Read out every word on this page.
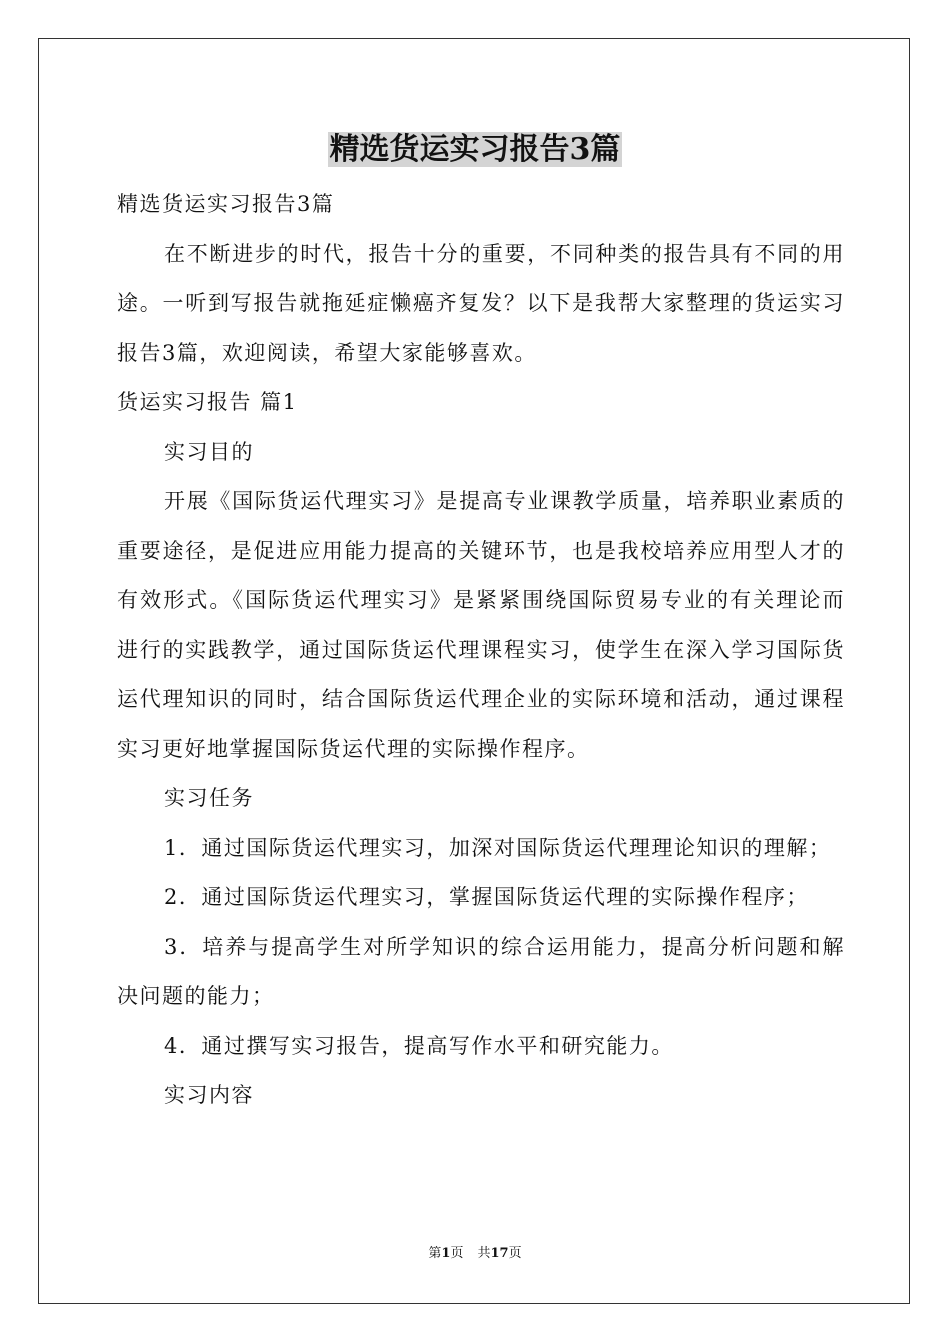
精选货运实习报告3篇

精选货运实习报告3篇

在不断进步的时代，报告十分的重要，不同种类的报告具有不同的用途。一听到写报告就拖延症懒癌齐复发？以下是我帮大家整理的货运实习报告3篇，欢迎阅读，希望大家能够喜欢。

货运实习报告 篇1

实习目的

开展《国际货运代理实习》是提高专业课教学质量，培养职业素质的重要途径，是促进应用能力提高的关键环节，也是我校培养应用型人才的有效形式。《国际货运代理实习》是紧紧围绕国际贸易专业的有关理论而进行的实践教学，通过国际货运代理课程实习，使学生在深入学习国际货运代理知识的同时，结合国际货运代理企业的实际环境和活动，通过课程实习更好地掌握国际货运代理的实际操作程序。

实习任务

1．通过国际货运代理实习，加深对国际货运代理理论知识的理解；

2．通过国际货运代理实习，掌握国际货运代理的实际操作程序；

3．培养与提高学生对所学知识的综合运用能力，提高分析问题和解决问题的能力；

4．通过撰写实习报告，提高写作水平和研究能力。

实习内容

第1页 共17页
